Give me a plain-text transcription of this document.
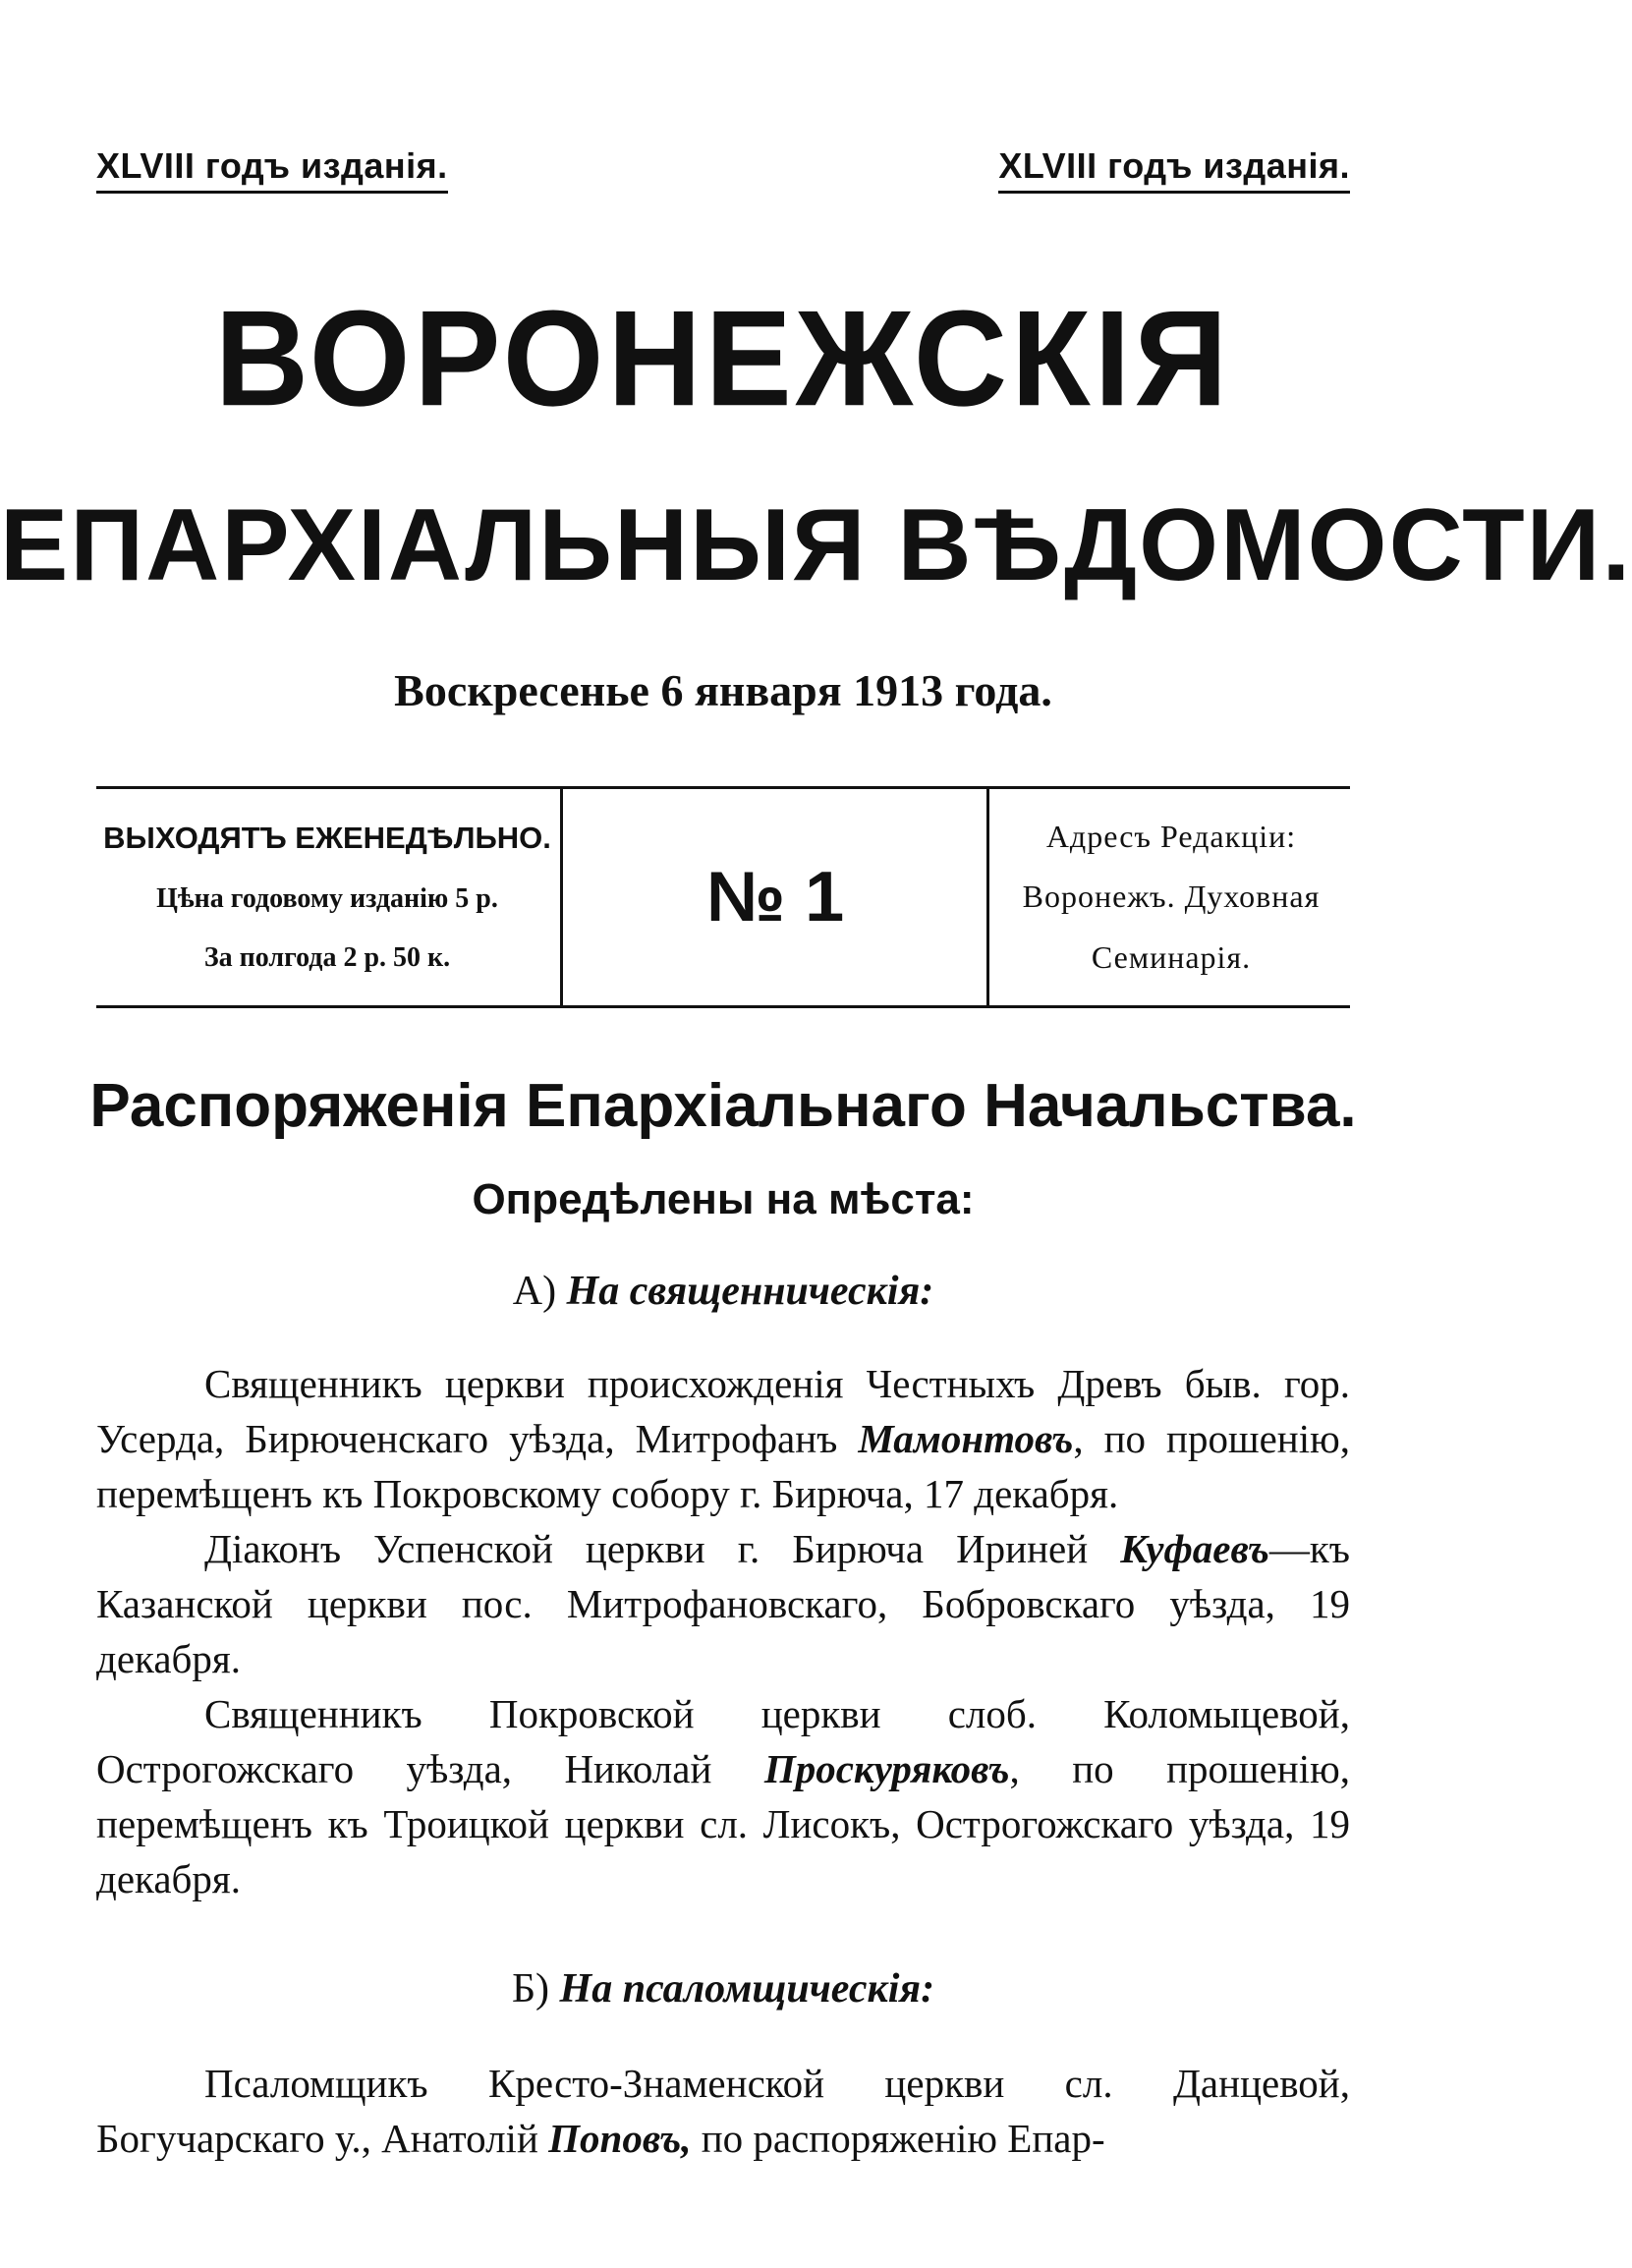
XLVIII годъ изданія.	XLVIII годъ изданія.
ВОРОНЕЖСКІЯ
ЕПАРХІАЛЬНЫЯ ВѢДОМОСТИ.
Воскресенье 6 января 1913 года.
ВЫХОДЯТЪ ЕЖЕНЕДѢЛЬНО.
Цѣна годовому изданію 5 р.
За полгода 2 р. 50 к.
№ 1
Адресъ Редакціи:
Воронежъ. Духовная
Семинарія.
Распоряженія Епархіальнаго Начальства.
Опредѣлены на мѣста:
А) На священническія:

Священникъ церкви происхожденія Честныхъ Древъ быв. гор. Усерда, Бирюченскаго уѣзда, Митрофанъ Мамонтовъ, по прошенію, перемѣщенъ къ Покровскому собору г. Бирюча, 17 декабря.

Діаконъ Успенской церкви г. Бирюча Ириней Куфаевъ—къ Казанской церкви пос. Митрофановскаго, Бобровскаго уѣзда, 19 декабря.

Священникъ Покровской церкви слоб. Коломыцевой, Острогожскаго уѣзда, Николай Проскуряковъ, по прошенію, перемѣщенъ къ Троицкой церкви сл. Лисокъ, Острогожскаго уѣзда, 19 декабря.

Б) На псаломщическія:

Псаломщикъ Кресто-Знаменской церкви сл. Данцевой, Богучарскаго у., Анатолій Поповъ, по распоряженію Епар-
